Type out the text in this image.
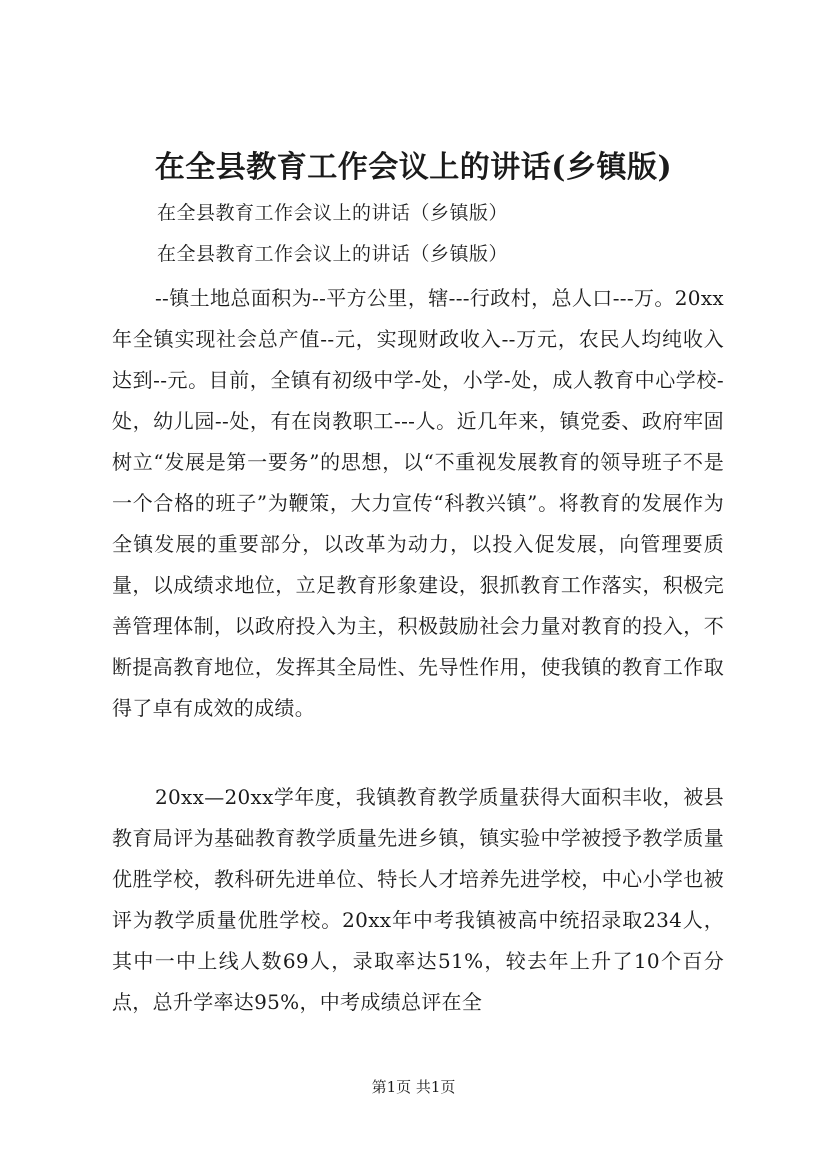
在全县教育工作会议上的讲话(乡镇版)

在全县教育工作会议上的讲话（乡镇版）

在全县教育工作会议上的讲话（乡镇版）

--镇土地总面积为--平方公里，辖---行政村，总人口---万。20xx年全镇实现社会总产值--元，实现财政收入--万元，农民人均纯收入达到--元。目前，全镇有初级中学-处，小学-处，成人教育中心学校-处，幼儿园--处，有在岗教职工---人。近几年来，镇党委、政府牢固树立“发展是第一要务”的思想，以“不重视发展教育的领导班子不是一个合格的班子”为鞭策，大力宣传“科教兴镇”。将教育的发展作为全镇发展的重要部分，以改革为动力，以投入促发展，向管理要质量，以成绩求地位，立足教育形象建设，狠抓教育工作落实，积极完善管理体制，以政府投入为主，积极鼓励社会力量对教育的投入，不断提高教育地位，发挥其全局性、先导性作用，使我镇的教育工作取得了卓有成效的成绩。

20xx—20xx学年度，我镇教育教学质量获得大面积丰收，被县教育局评为基础教育教学质量先进乡镇，镇实验中学被授予教学质量优胜学校，教科研先进单位、特长人才培养先进学校，中心小学也被评为教学质量优胜学校。20xx年中考我镇被高中统招录取234人，其中一中上线人数69人，录取率达51%，较去年上升了10个百分点，总升学率达95%，中考成绩总评在全

第1页 共1页
